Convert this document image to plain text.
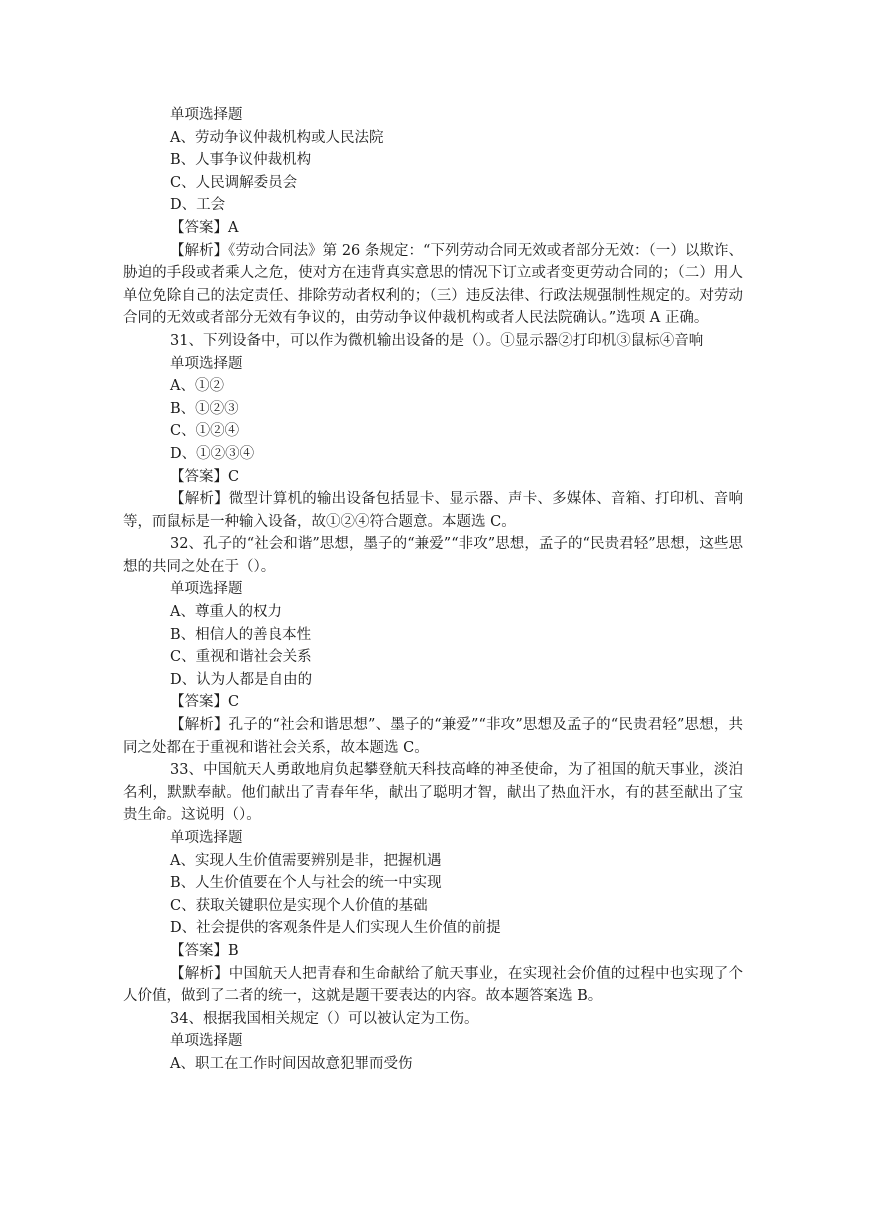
单项选择题

A、劳动争议仲裁机构或人民法院

B、人事争议仲裁机构

C、人民调解委员会

D、工会

【答案】A

【解析】《劳动合同法》第 26 条规定：“下列劳动合同无效或者部分无效：（一）以欺诈、胁迫的手段或者乘人之危，使对方在违背真实意思的情况下订立或者变更劳动合同的；（二）用人单位免除自己的法定责任、排除劳动者权利的；（三）违反法律、行政法规强制性规定的。对劳动合同的无效或者部分无效有争议的，由劳动争议仲裁机构或者人民法院确认。”选项 A 正确。

31、下列设备中，可以作为微机输出设备的是（）。①显示器②打印机③鼠标④音响

单项选择题

A、①②

B、①②③

C、①②④

D、①②③④

【答案】C

【解析】微型计算机的输出设备包括显卡、显示器、声卡、多媒体、音箱、打印机、音响等，而鼠标是一种输入设备，故①②④符合题意。本题选 C。

32、孔子的“社会和谐”思想，墨子的“兼爱”“非攻”思想，孟子的“民贵君轻”思想，这些思想的共同之处在于（）。

单项选择题

A、尊重人的权力

B、相信人的善良本性

C、重视和谐社会关系

D、认为人都是自由的

【答案】C

【解析】孔子的“社会和谐思想”、墨子的“兼爱”“非攻”思想及孟子的“民贵君轻”思想，共同之处都在于重视和谐社会关系，故本题选 C。

33、中国航天人勇敢地肩负起攀登航天科技高峰的神圣使命，为了祖国的航天事业，淡泊名利，默默奉献。他们献出了青春年华，献出了聪明才智，献出了热血汗水，有的甚至献出了宝贵生命。这说明（）。

单项选择题

A、实现人生价值需要辨别是非，把握机遇

B、人生价值要在个人与社会的统一中实现

C、获取关键职位是实现个人价值的基础

D、社会提供的客观条件是人们实现人生价值的前提

【答案】B

【解析】中国航天人把青春和生命献给了航天事业，在实现社会价值的过程中也实现了个人价值，做到了二者的统一，这就是题干要表达的内容。故本题答案选 B。

34、根据我国相关规定（）可以被认定为工伤。

单项选择题

A、职工在工作时间因故意犯罪而受伤
